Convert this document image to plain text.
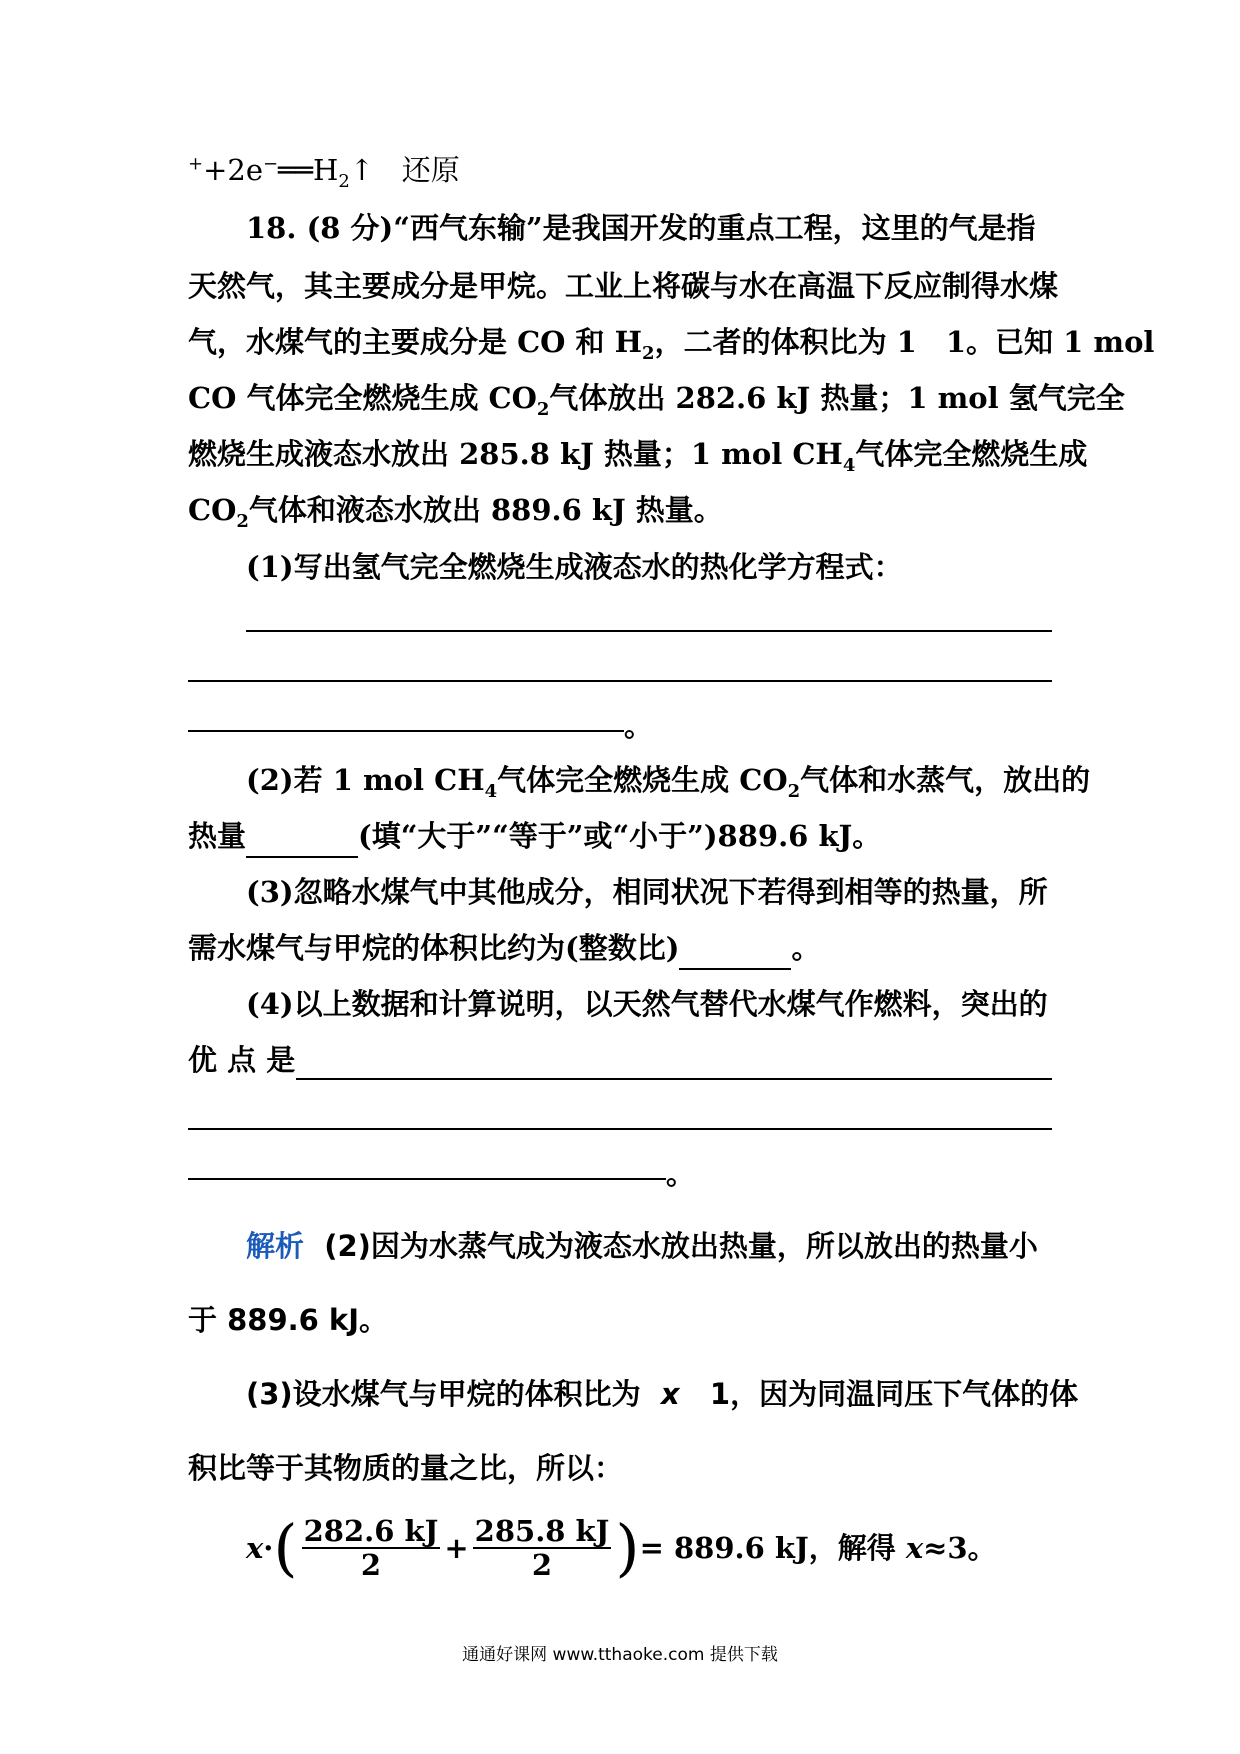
$^++2e^-══H_2↑$ 还原
18. (8 分)“西气东输”是我国开发的重点工程，这里的气是指
天然气，其主要成分是甲烷。工业上将碳与水在高温下反应制得水煤
气，水煤气的主要成分是 CO 和 $H_2$，二者的体积比为 1　1。已知 1 mol
CO 气体完全燃烧生成 $CO_2$气体放出 282.6 kJ 热量；1 mol 氢气完全
燃烧生成液态水放出 285.8 kJ 热量；1 mol $CH_4$气体完全燃烧生成
$CO_2$气体和液态水放出 889.6 kJ 热量。
(1)写出氢气完全燃烧生成液态水的热化学方程式：
。
(2)若 1 mol $CH_4$气体完全燃烧生成 $CO_2$气体和水蒸气，放出的
热量	(填“大于”“等于”或“小于”)889.6 kJ。
(3)忽略水煤气中其他成分，相同状况下若得到相等的热量，所
需水煤气与甲烷的体积比约为(整数比)	。
(4)以上数据和计算说明，以天然气替代水煤气作燃料，突出的
优 点 是
。
解析 (2)因为水蒸气成为液态水放出热量，所以放出的热量小
于 889.6 kJ。
(3)设水煤气与甲烷的体积比为 x 1，因为同温同压下气体的体
积比等于其物质的量之比，所以：
x · ( $\frac{282.6 kJ}{2} + \frac{285.8 kJ}{2}$ ) = 889.6 kJ，解得
x ≈3。
通通好课网 www.tthaoke.com 提供下载
